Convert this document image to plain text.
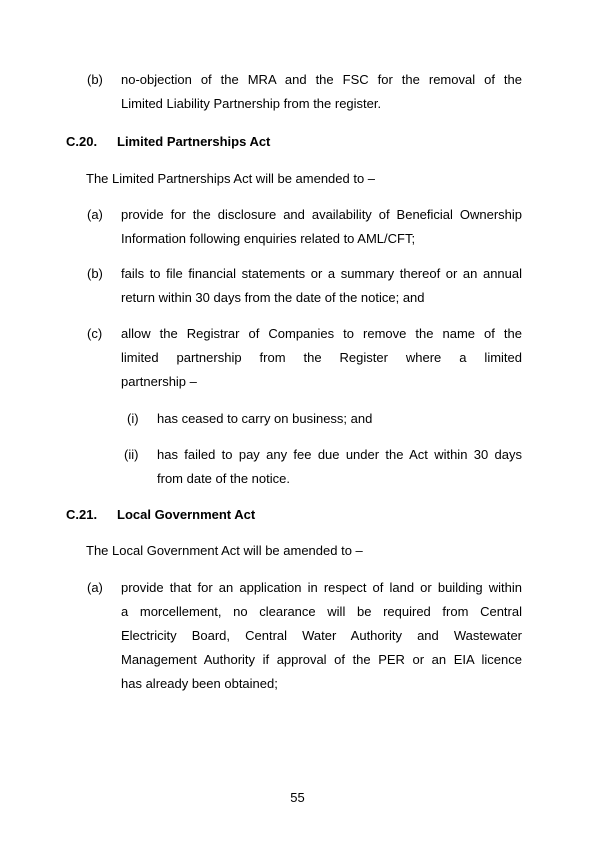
(b) no-objection of the MRA and the FSC for the removal of the
Limited Liability Partnership from the register.
C.20. Limited Partnerships Act
The Limited Partnerships Act will be amended to –
(a) provide for the disclosure and availability of Beneficial Ownership
Information following enquiries related to AML/CFT;
(b) fails to file financial statements or a summary thereof or an annual
return within 30 days from the date of the notice; and
(c) allow the Registrar of Companies to remove the name of the
limited partnership from the Register where a limited
partnership –
(i) has ceased to carry on business; and
(ii) has failed to pay any fee due under the Act within 30 days
from date of the notice.
C.21. Local Government Act
The Local Government Act will be amended to –
(a) provide that for an application in respect of land or building within
a morcellement, no clearance will be required from Central
Electricity Board, Central Water Authority and Wastewater
Management Authority if approval of the PER or an EIA licence
has already been obtained;
55
